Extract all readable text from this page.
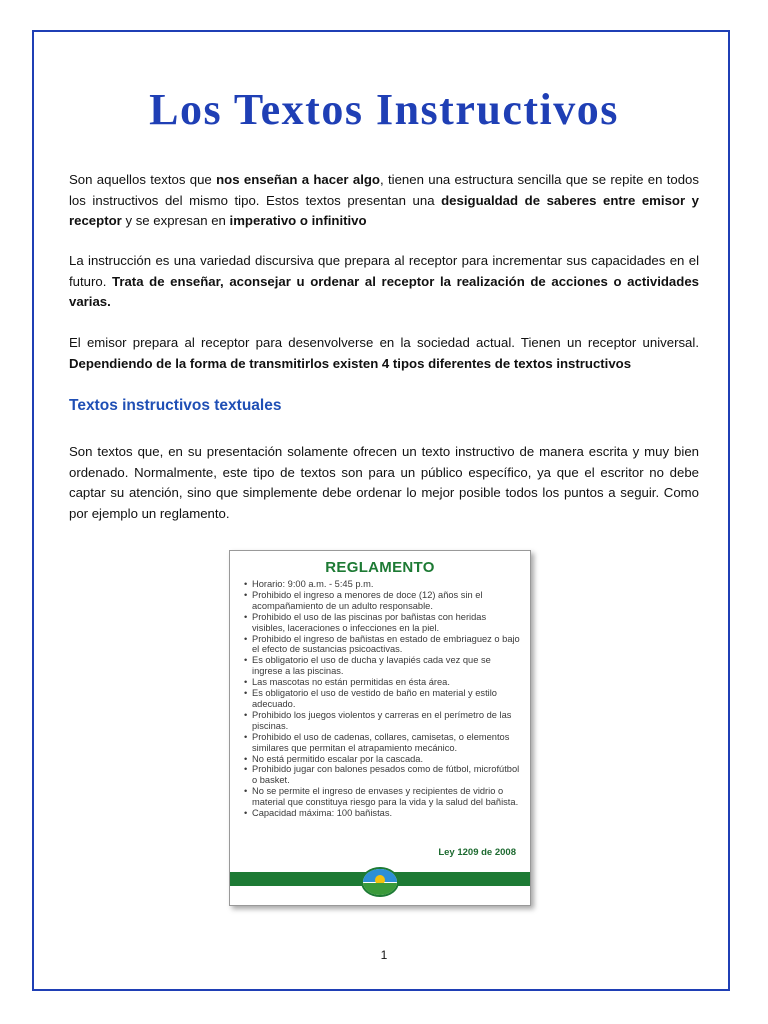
Los Textos Instructivos

Son aquellos textos que nos enseñan a hacer algo, tienen una estructura sencilla que se repite en todos los instructivos del mismo tipo. Estos textos presentan una desigualdad de saberes entre emisor y receptor y se expresan en imperativo o infinitivo

La instrucción es una variedad discursiva que prepara al receptor para incrementar sus capacidades en el futuro. Trata de enseñar, aconsejar u ordenar al receptor la realización de acciones o actividades varias.

El emisor prepara al receptor para desenvolverse en la sociedad actual. Tienen un receptor universal. Dependiendo de la forma de transmitirlos existen 4 tipos diferentes de textos instructivos

Textos instructivos textuales

Son textos que, en su presentación solamente ofrecen un texto instructivo de manera escrita y muy bien ordenado. Normalmente, este tipo de textos son para un público específico, ya que el escritor no debe captar su atención, sino que simplemente debe ordenar lo mejor posible todos los puntos a seguir. Como por ejemplo un reglamento.

REGLAMENTO
• Horario: 9:00 a.m. - 5:45 p.m.
• Prohibido el ingreso a menores de doce (12) años sin el acompañamiento de un adulto responsable.
• Prohibido el uso de las piscinas por bañistas con heridas visibles, laceraciones o infecciones en la piel.
• Prohibido el ingreso de bañistas en estado de embriaguez o bajo el efecto de sustancias psicoactivas.
• Es obligatorio el uso de ducha y lavapiés cada vez que se ingrese a las piscinas.
• Las mascotas no están permitidas en ésta área.
• Es obligatorio el uso de vestido de baño en material y estilo adecuado.
• Prohibido los juegos violentos y carreras en el perímetro de las piscinas.
• Prohibido el uso de cadenas, collares, camisetas, o elementos similares que permitan el atrapamiento mecánico.
• No está permitido escalar por la cascada.
• Prohibido jugar con balones pesados como de fútbol, microfútbol o basket.
• No se permite el ingreso de envases y recipientes de vidrio o material que constituya riesgo para la vida y la salud del bañista.
• Capacidad máxima: 100 bañistas.
Ley 1209 de 2008
1
